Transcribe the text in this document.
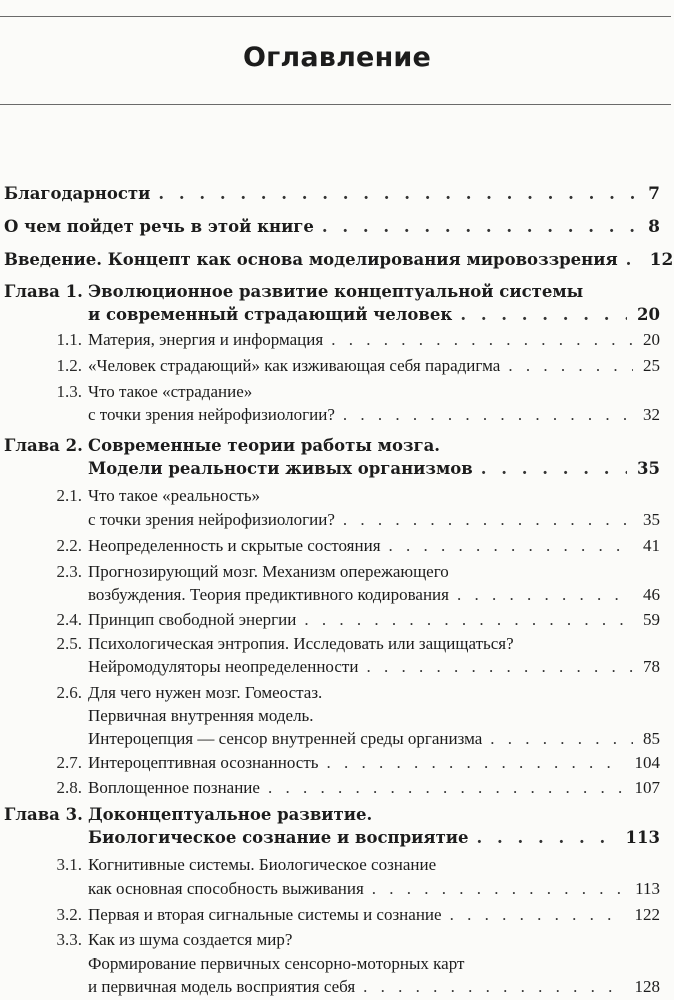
Оглавление
Благодарности . . .	7
О чем пойдет речь в этой книге . . .	8
Введение. Концепт как основа моделирования мировоззрения . . . 12
Глава 1. Эволюционное развитие концептуальной системы
и современный страдающий человек . . .	20
1.1. Материя, энергия и информация . . .	20
1.2. «Человек страдающий» как изживающая себя парадигма . . .	25
1.3. Что такое «страдание»
с точки зрения нейрофизиологии? . . .	32
Глава 2. Современные теории работы мозга.
Модели реальности живых организмов . . .	35
2.1. Что такое «реальность»
с точки зрения нейрофизиологии? . . .	35
2.2. Неопределенность и скрытые состояния . . .	41
2.3. Прогнозирующий мозг. Механизм опережающего
возбуждения. Теория предиктивного кодирования . . .	46
2.4. Принцип свободной энергии . . .	59
2.5. Психологическая энтропия. Исследовать или защищаться?
Нейромодуляторы неопределенности . . .	78
2.6. Для чего нужен мозг. Гомеостаз.
Первичная внутренняя модель.
Интероцепция — сенсор внутренней среды организма . . .	85
2.7. Интероцептивная осознанность . . .	104
2.8. Воплощенное познание . . .	107
Глава 3. Доконцептуальное развитие.
Биологическое сознание и восприятие . . .	113
3.1. Когнитивные системы. Биологическое сознание
как основная способность выживания . . .	113
3.2. Первая и вторая сигнальные системы и сознание . . .	122
3.3. Как из шума создается мир?
Формирование первичных сенсорно-моторных карт
и первичная модель восприятия себя . . .	128
